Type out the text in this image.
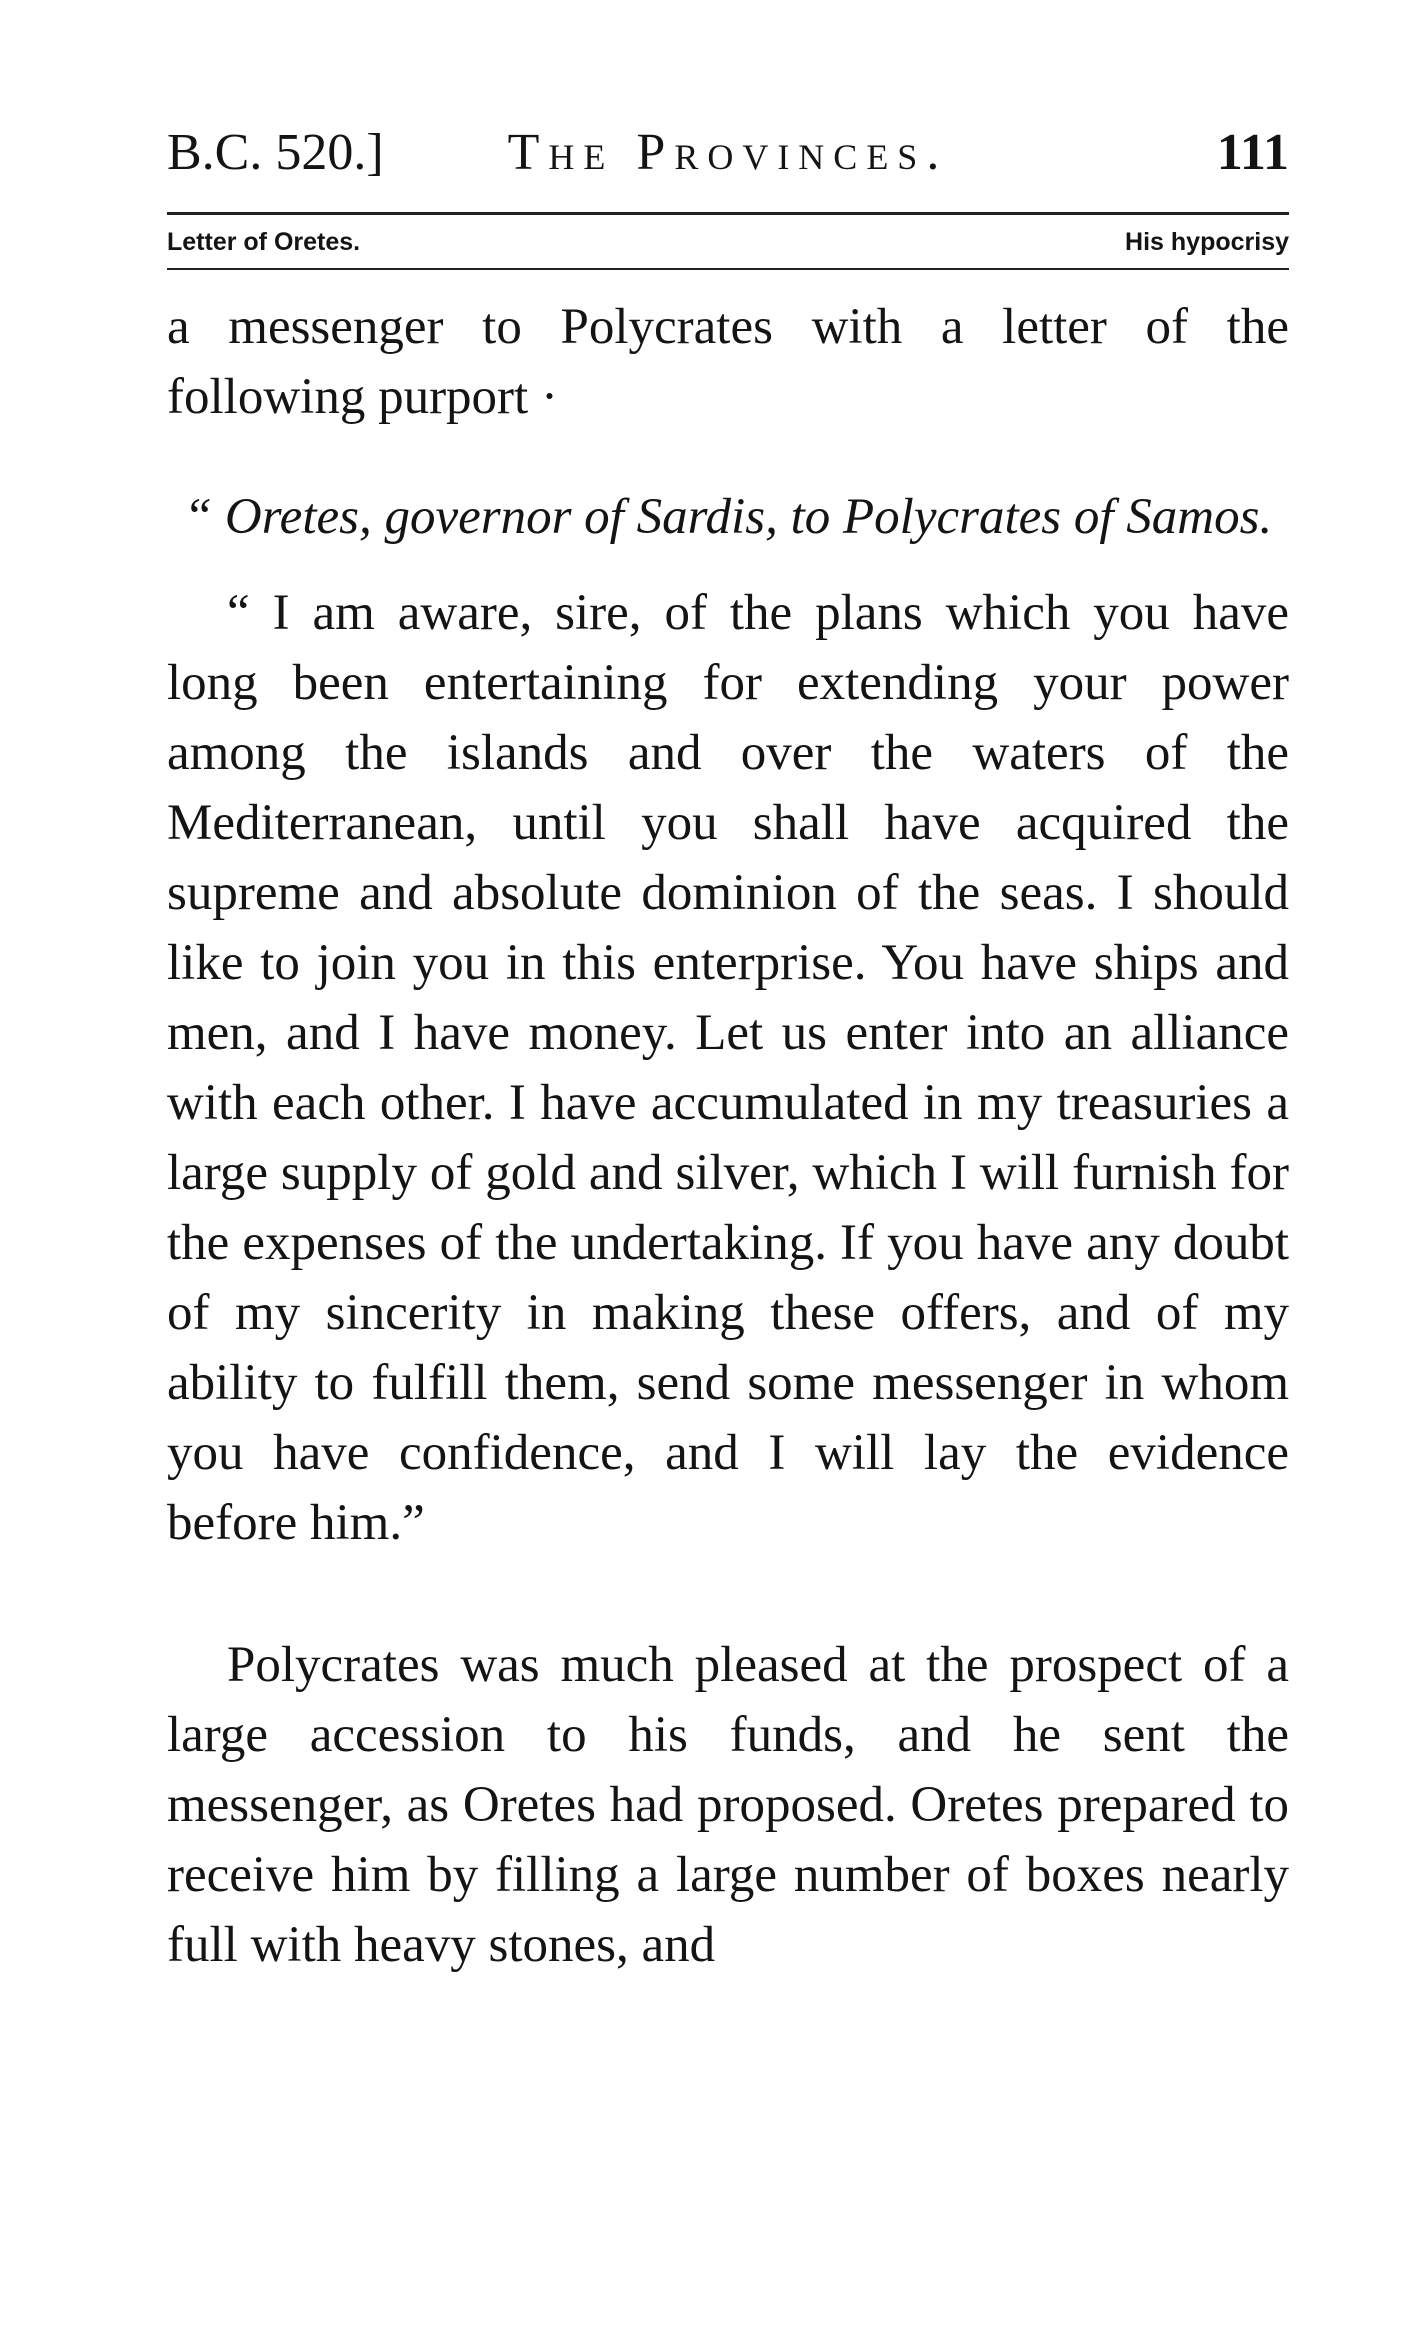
B.C. 520.]	The Provinces.	111
Letter of Oretes.	His hypocrisy

a messenger to Polycrates with a letter of the following purport ·

“ Oretes, governor of Sardis, to Polycrates of Samos.

“ I am aware, sire, of the plans which you have long been entertaining for extending your power among the islands and over the waters of the Mediterranean, until you shall have acquired the supreme and absolute dominion of the seas. I should like to join you in this enterprise. You have ships and men, and I have money. Let us enter into an alliance with each other. I have accumulated in my treasuries a large supply of gold and silver, which I will furnish for the expenses of the undertaking. If you have any doubt of my sincerity in making these offers, and of my ability to fulfill them, send some messenger in whom you have confidence, and I will lay the evidence before him.”

Polycrates was much pleased at the prospect of a large accession to his funds, and he sent the messenger, as Oretes had proposed. Oretes prepared to receive him by filling a large number of boxes nearly full with heavy stones, and
